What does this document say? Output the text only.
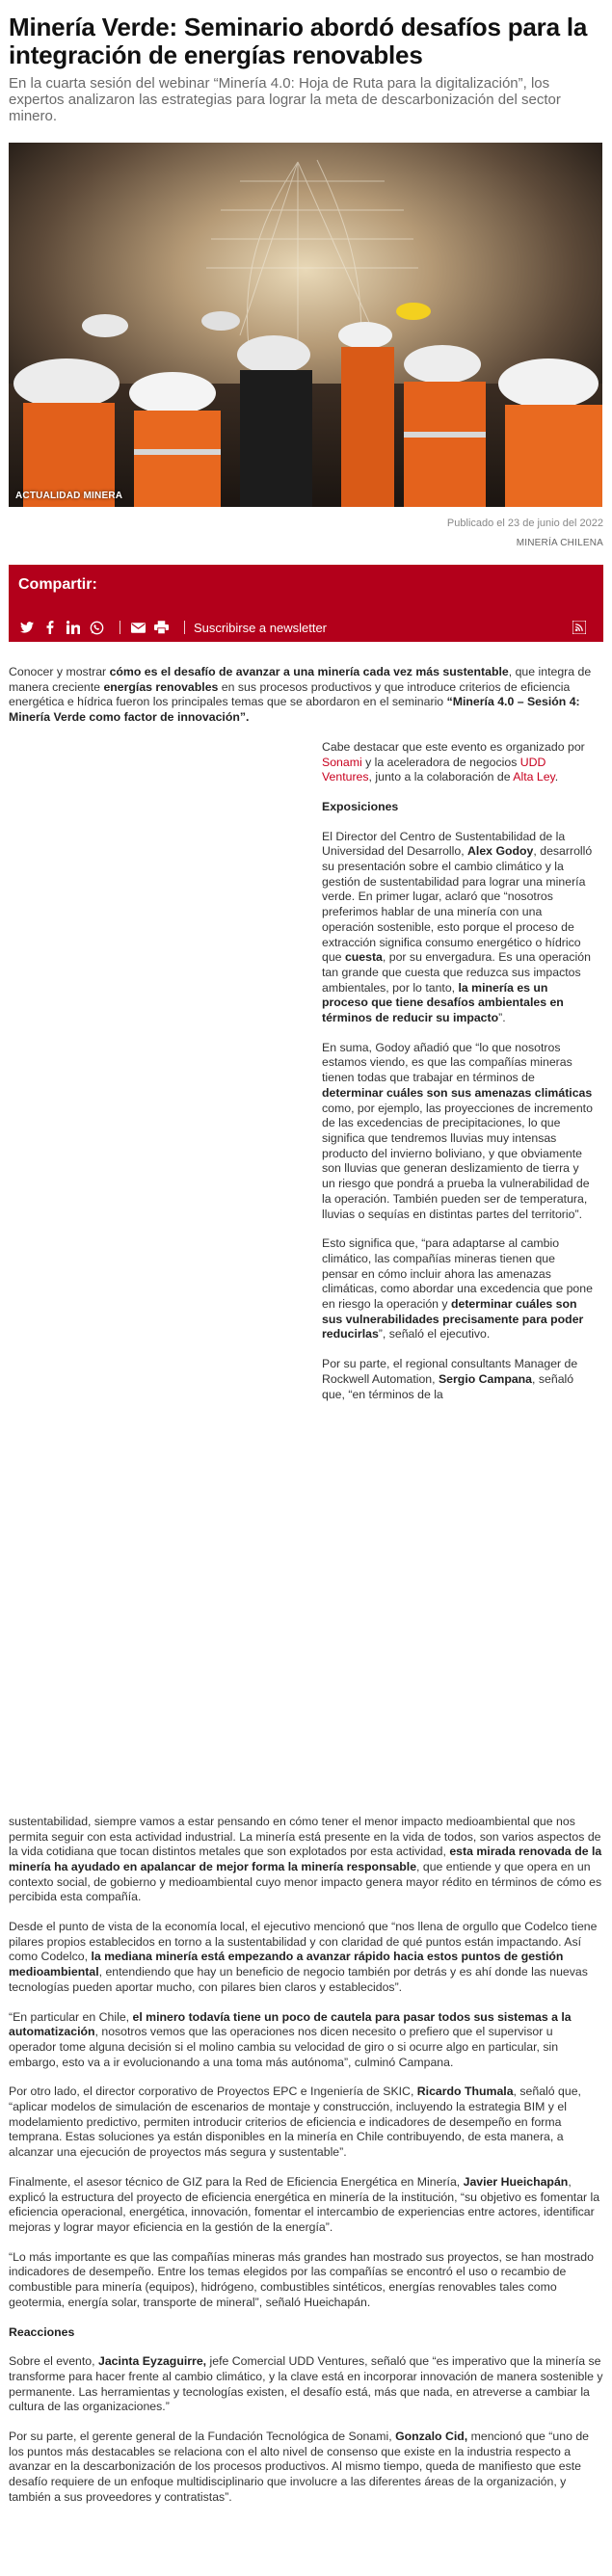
Minería Verde: Seminario abordó desafíos para la integración de energías renovables

En la cuarta sesión del webinar “Minería 4.0: Hoja de Ruta para la digitalización”, los expertos analizaron las estrategias para lograr la meta de descarbonización del sector minero.

ACTUALIDAD MINERA
Publicado el 23 de junio del 2022
MINERÍA CHILENA
Compartir:
Suscribirse a newsletter

Conocer y mostrar cómo es el desafío de avanzar a una minería cada vez más sustentable, que integra de manera creciente energías renovables en sus procesos productivos y que introduce criterios de eficiencia energética e hídrica fueron los principales temas que se abordaron en el seminario “Minería 4.0 – Sesión 4: Minería Verde como factor de innovación”.

Cabe destacar que este evento es organizado por Sonami y la aceleradora de negocios UDD Ventures, junto a la colaboración de Alta Ley.

Exposiciones

El Director del Centro de Sustentabilidad de la Universidad del Desarrollo, Alex Godoy, desarrolló su presentación sobre el cambio climático y la gestión de sustentabilidad para lograr una minería verde. En primer lugar, aclaró que “nosotros preferimos hablar de una minería con una operación sostenible, esto porque el proceso de extracción significa consumo energético o hídrico que cuesta, por su envergadura. Es una operación tan grande que cuesta que reduzca sus impactos ambientales, por lo tanto, la minería es un proceso que tiene desafíos ambientales en términos de reducir su impacto”.

En suma, Godoy añadió que “lo que nosotros estamos viendo, es que las compañías mineras tienen todas que trabajar en términos de determinar cuáles son sus amenazas climáticas como, por ejemplo, las proyecciones de incremento de las excedencias de precipitaciones, lo que significa que tendremos lluvias muy intensas producto del invierno boliviano, y que obviamente son lluvias que generan deslizamiento de tierra y un riesgo que pondrá a prueba la vulnerabilidad de la operación. También pueden ser de temperatura, lluvias o sequías en distintas partes del territorio”.

Esto significa que, “para adaptarse al cambio climático, las compañías mineras tienen que pensar en cómo incluir ahora las amenazas climáticas, como abordar una excedencia que pone en riesgo la operación y determinar cuáles son sus vulnerabilidades precisamente para poder reducirlas”, señaló el ejecutivo.

Por su parte, el regional consultants Manager de Rockwell Automation, Sergio Campana, señaló que, “en términos de la

sustentabilidad, siempre vamos a estar pensando en cómo tener el menor impacto medioambiental que nos permita seguir con esta actividad industrial. La minería está presente en la vida de todos, son varios aspectos de la vida cotidiana que tocan distintos metales que son explotados por esta actividad, esta mirada renovada de la minería ha ayudado en apalancar de mejor forma la minería responsable, que entiende y que opera en un contexto social, de gobierno y medioambiental cuyo menor impacto genera mayor rédito en términos de cómo es percibida esta compañía.

Desde el punto de vista de la economía local, el ejecutivo mencionó que “nos llena de orgullo que Codelco tiene pilares propios establecidos en torno a la sustentabilidad y con claridad de qué puntos están impactando. Así como Codelco, la mediana minería está empezando a avanzar rápido hacia estos puntos de gestión medioambiental, entendiendo que hay un beneficio de negocio también por detrás y es ahí donde las nuevas tecnologías pueden aportar mucho, con pilares bien claros y establecidos”.

“En particular en Chile, el minero todavía tiene un poco de cautela para pasar todos sus sistemas a la automatización, nosotros vemos que las operaciones nos dicen necesito o prefiero que el supervisor u operador tome alguna decisión si el molino cambia su velocidad de giro o si ocurre algo en particular, sin embargo, esto va a ir evolucionando a una toma más autónoma”, culminó Campana.

Por otro lado, el director corporativo de Proyectos EPC e Ingeniería de SKIC, Ricardo Thumala, señaló que, “aplicar modelos de simulación de escenarios de montaje y construcción, incluyendo la estrategia BIM y el modelamiento predictivo, permiten introducir criterios de eficiencia e indicadores de desempeño en forma temprana. Estas soluciones ya están disponibles en la minería en Chile contribuyendo, de esta manera, a alcanzar una ejecución de proyectos más segura y sustentable”.

Finalmente, el asesor técnico de GIZ para la Red de Eficiencia Energética en Minería, Javier Hueichapán, explicó la estructura del proyecto de eficiencia energética en minería de la institución, “su objetivo es fomentar la eficiencia operacional, energética, innovación, fomentar el intercambio de experiencias entre actores, identificar mejoras y lograr mayor eficiencia en la gestión de la energía”.

“Lo más importante es que las compañías mineras más grandes han mostrado sus proyectos, se han mostrado indicadores de desempeño. Entre los temas elegidos por las compañías se encontró el uso o recambio de combustible para minería (equipos), hidrógeno, combustibles sintéticos, energías renovables tales como geotermia, energía solar, transporte de mineral”, señaló Hueichapán.

Reacciones

Sobre el evento, Jacinta Eyzaguirre, jefe Comercial UDD Ventures, señaló que “es imperativo que la minería se transforme para hacer frente al cambio climático, y la clave está en incorporar innovación de manera sostenible y permanente. Las herramientas y tecnologías existen, el desafío está, más que nada, en atreverse a cambiar la cultura de las organizaciones.”

Por su parte, el gerente general de la Fundación Tecnológica de Sonami, Gonzalo Cid, mencionó que “uno de los puntos más destacables se relaciona con el alto nivel de consenso que existe en la industria respecto a avanzar en la descarbonización de los procesos productivos. Al mismo tiempo, queda de manifiesto que este desafío requiere de un enfoque multidisciplinario que involucre a las diferentes áreas de la organización, y también a sus proveedores y contratistas”.
